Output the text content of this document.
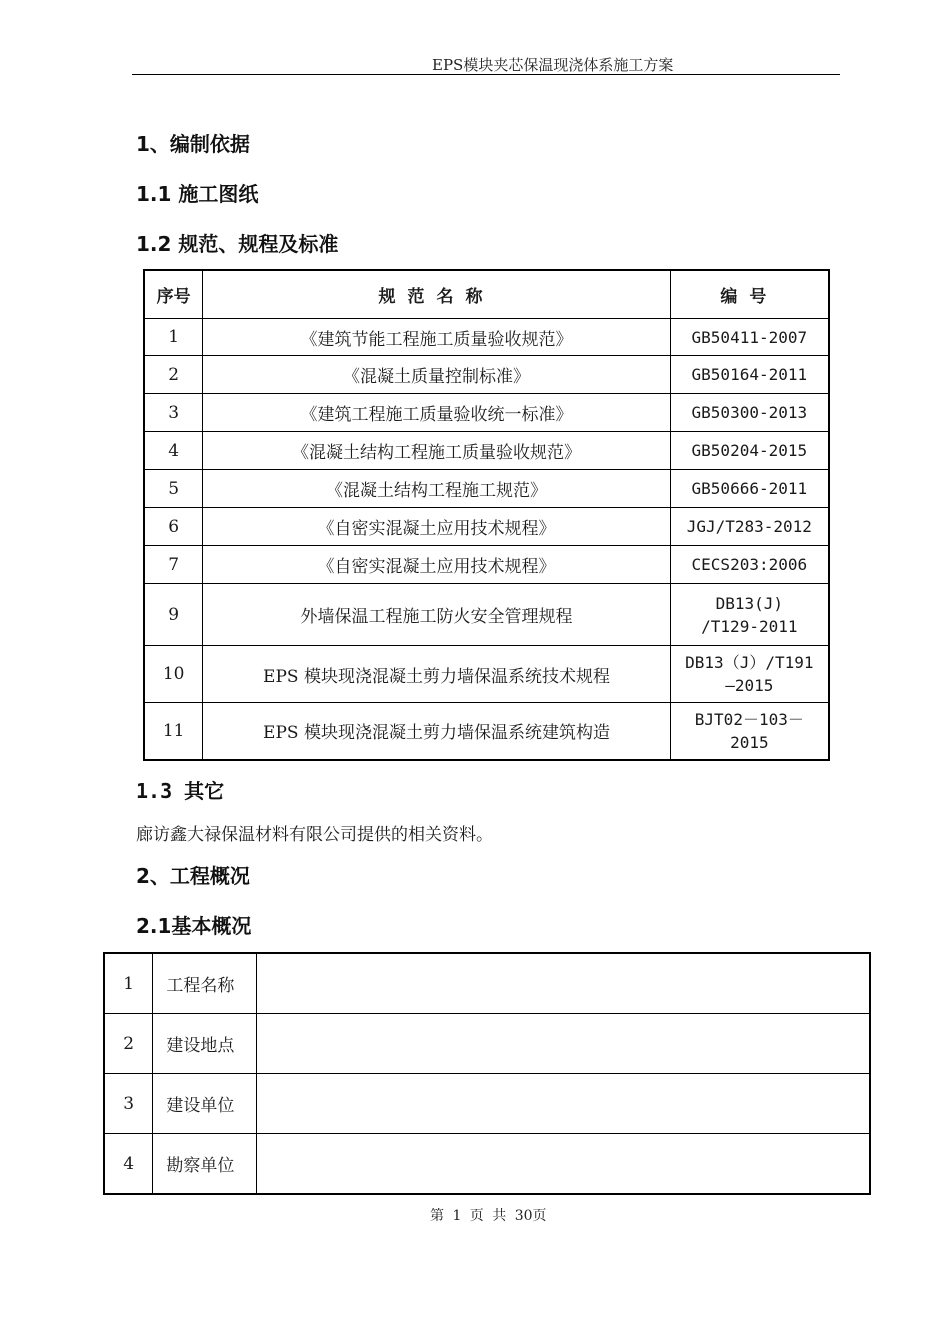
EPS模块夹芯保温现浇体系施工方案
1、编制依据
1.1 施工图纸
1.2 规范、规程及标准
序号	规范名称	编号
1	《建筑节能工程施工质量验收规范》	GB50411-2007

2	《混凝土质量控制标准》	GB50164-2011

3	《建筑工程施工质量验收统一标准》	GB50300-2013

4	《混凝土结构工程施工质量验收规范》	GB50204-2015

5	《混凝土结构工程施工规范》	GB50666-2011

6	《自密实混凝土应用技术规程》	JGJ/T283-2012

7	《自密实混凝土应用技术规程》	CECS203:2006

9	外墙保温工程施工防火安全管理规程	DB13(J)
/T129-2011

10	EPS 模块现浇混凝土剪力墙保温系统技术规程	DB13（J）/T191
—2015

11	EPS 模块现浇混凝土剪力墙保温系统建筑构造	BJT02－103－
2015
1.3 其它
廊访鑫大禄保温材料有限公司提供的相关资料。
2、工程概况
2.1基本概况
1	工程名称	
2	建设地点	
3	建设单位	
4	勘察单位	
第 1 页 共 30页
